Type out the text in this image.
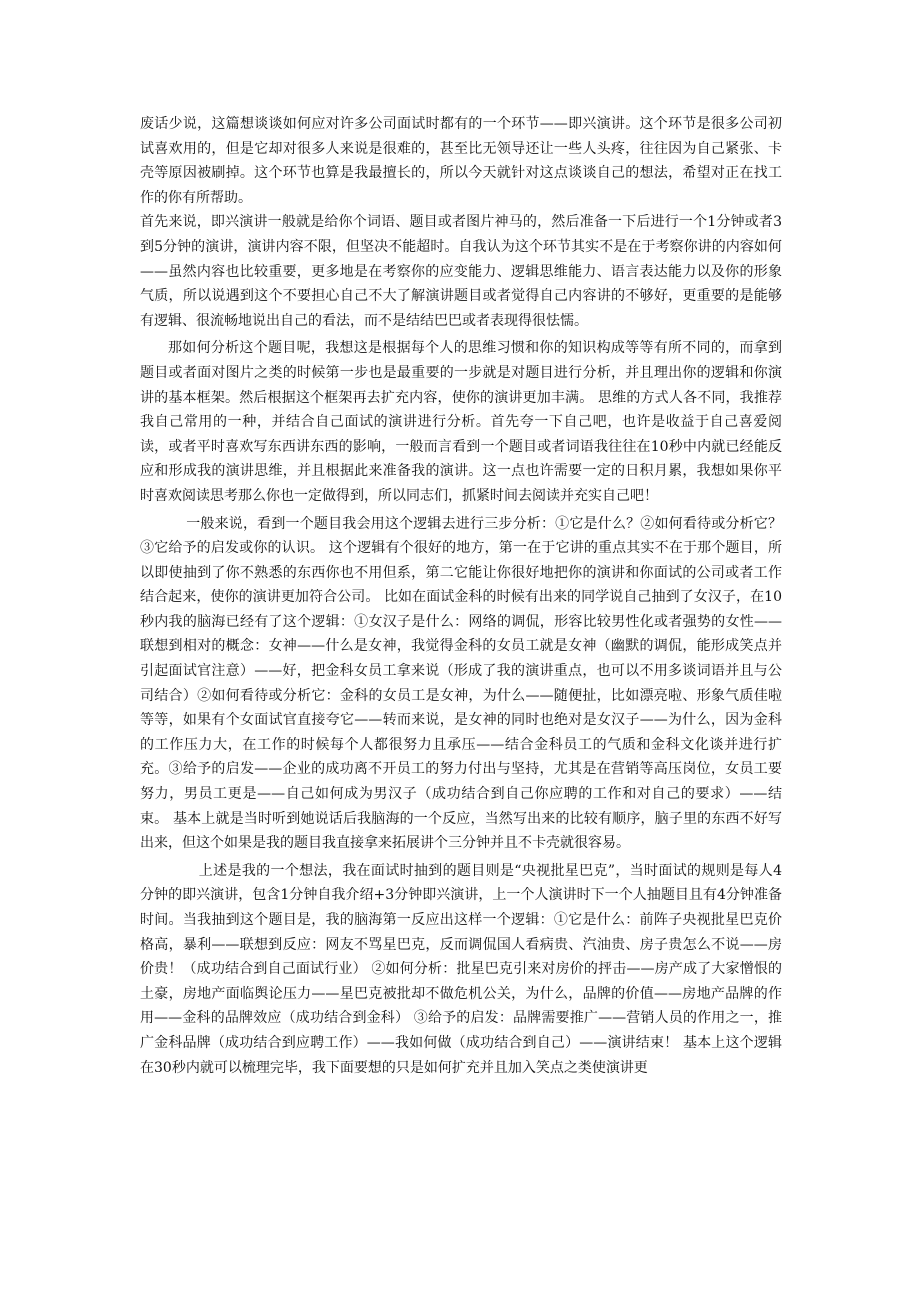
废话少说，这篇想谈谈如何应对许多公司面试时都有的一个环节——即兴演讲。这个环节是很多公司初试喜欢用的，但是它却对很多人来说是很难的，甚至比无领导还让一些人头疼，往往因为自己紧张、卡壳等原因被刷掉。这个环节也算是我最擅长的，所以今天就针对这点谈谈自己的想法，希望对正在找工作的你有所帮助。

首先来说，即兴演讲一般就是给你个词语、题目或者图片神马的，然后准备一下后进行一个1分钟或者3到5分钟的演讲，演讲内容不限，但坚决不能超时。自我认为这个环节其实不是在于考察你讲的内容如何——虽然内容也比较重要，更多地是在考察你的应变能力、逻辑思维能力、语言表达能力以及你的形象气质，所以说遇到这个不要担心自己不大了解演讲题目或者觉得自己内容讲的不够好，更重要的是能够有逻辑、很流畅地说出自己的看法，而不是结结巴巴或者表现得很怯懦。

那如何分析这个题目呢，我想这是根据每个人的思维习惯和你的知识构成等等有所不同的，而拿到题目或者面对图片之类的时候第一步也是最重要的一步就是对题目进行分析，并且理出你的逻辑和你演讲的基本框架。然后根据这个框架再去扩充内容，使你的演讲更加丰满。 思维的方式人各不同，我推荐我自己常用的一种，并结合自己面试的演讲进行分析。首先夸一下自己吧，也许是收益于自己喜爱阅读，或者平时喜欢写东西讲东西的影响，一般而言看到一个题目或者词语我往往在10秒中内就已经能反应和形成我的演讲思维，并且根据此来准备我的演讲。这一点也许需要一定的日积月累，我想如果你平时喜欢阅读思考那么你也一定做得到，所以同志们，抓紧时间去阅读并充实自己吧！

一般来说，看到一个题目我会用这个逻辑去进行三步分析：①它是什么？②如何看待或分析它？③它给予的启发或你的认识。 这个逻辑有个很好的地方，第一在于它讲的重点其实不在于那个题目，所以即使抽到了你不熟悉的东西你也不用但系，第二它能让你很好地把你的演讲和你面试的公司或者工作结合起来，使你的演讲更加符合公司。 比如在面试金科的时候有出来的同学说自己抽到了女汉子，在10秒内我的脑海已经有了这个逻辑：①女汉子是什么：网络的调侃，形容比较男性化或者强势的女性——联想到相对的概念：女神——什么是女神，我觉得金科的女员工就是女神（幽默的调侃，能形成笑点并引起面试官注意）——好，把金科女员工拿来说（形成了我的演讲重点，也可以不用多谈词语并且与公司结合）②如何看待或分析它：金科的女员工是女神，为什么——随便扯，比如漂亮啦、形象气质佳啦等等，如果有个女面试官直接夸它——转而来说，是女神的同时也绝对是女汉子——为什么，因为金科的工作压力大，在工作的时候每个人都很努力且承压——结合金科员工的气质和金科文化谈并进行扩充。③给予的启发——企业的成功离不开员工的努力付出与坚持，尤其是在营销等高压岗位，女员工要努力，男员工更是——自己如何成为男汉子（成功结合到自己你应聘的工作和对自己的要求）——结束。 基本上就是当时听到她说话后我脑海的一个反应，当然写出来的比较有顺序，脑子里的东西不好写出来，但这个如果是我的题目我直接拿来拓展讲个三分钟并且不卡壳就很容易。

上述是我的一个想法，我在面试时抽到的题目则是“央视批星巴克”，当时面试的规则是每人4分钟的即兴演讲，包含1分钟自我介绍+3分钟即兴演讲，上一个人演讲时下一个人抽题目且有4分钟准备时间。当我抽到这个题目是，我的脑海第一反应出这样一个逻辑：①它是什么：前阵子央视批星巴克价格高，暴利——联想到反应：网友不骂星巴克，反而调侃国人看病贵、汽油贵、房子贵怎么不说——房价贵！（成功结合到自己面试行业） ②如何分析：批星巴克引来对房价的抨击——房产成了大家憎恨的土豪，房地产面临舆论压力——星巴克被批却不做危机公关，为什么，品牌的价值——房地产品牌的作用——金科的品牌效应（成功结合到金科） ③给予的启发：品牌需要推广——营销人员的作用之一，推广金科品牌（成功结合到应聘工作）——我如何做（成功结合到自己）——演讲结束！ 基本上这个逻辑在30秒内就可以梳理完毕，我下面要想的只是如何扩充并且加入笑点之类使演讲更
